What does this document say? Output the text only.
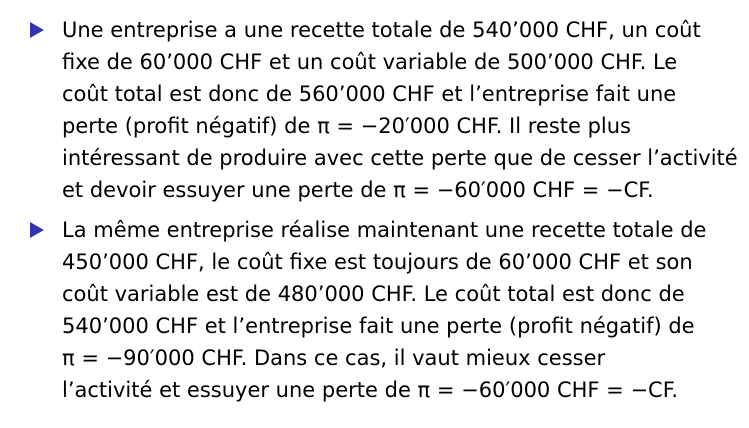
Une entreprise a une recette totale de 540’000 CHF, un coût
fixe de 60’000 CHF et un coût variable de 500’000 CHF. Le
coût total est donc de 560’000 CHF et l’entreprise fait une
perte (profit négatif) de π = −20′000 CHF. Il reste plus
intéressant de produire avec cette perte que de cesser l’activité
et devoir essuyer une perte de π = −60′000 CHF = −CF.
La même entreprise réalise maintenant une recette totale de
450’000 CHF, le coût fixe est toujours de 60’000 CHF et son
coût variable est de 480’000 CHF. Le coût total est donc de
540’000 CHF et l’entreprise fait une perte (profit négatif) de
π = −90′000 CHF. Dans ce cas, il vaut mieux cesser
l’activité et essuyer une perte de π = −60′000 CHF = −CF.
